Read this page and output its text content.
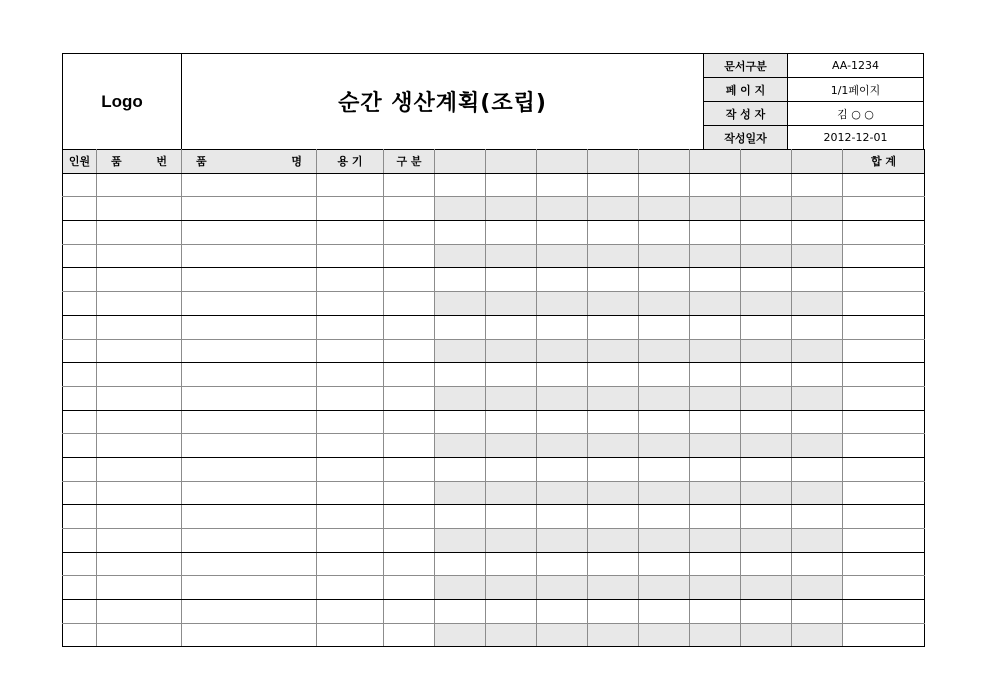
Logo	순간 생산계획(조립)	문서구분	AA-1234
		페 이 지	1/1페이지
		작 성 자	김 ○ ○
		작성일자	2012-12-01
인원	품 번	품 명	용 기	구 분									합 계
